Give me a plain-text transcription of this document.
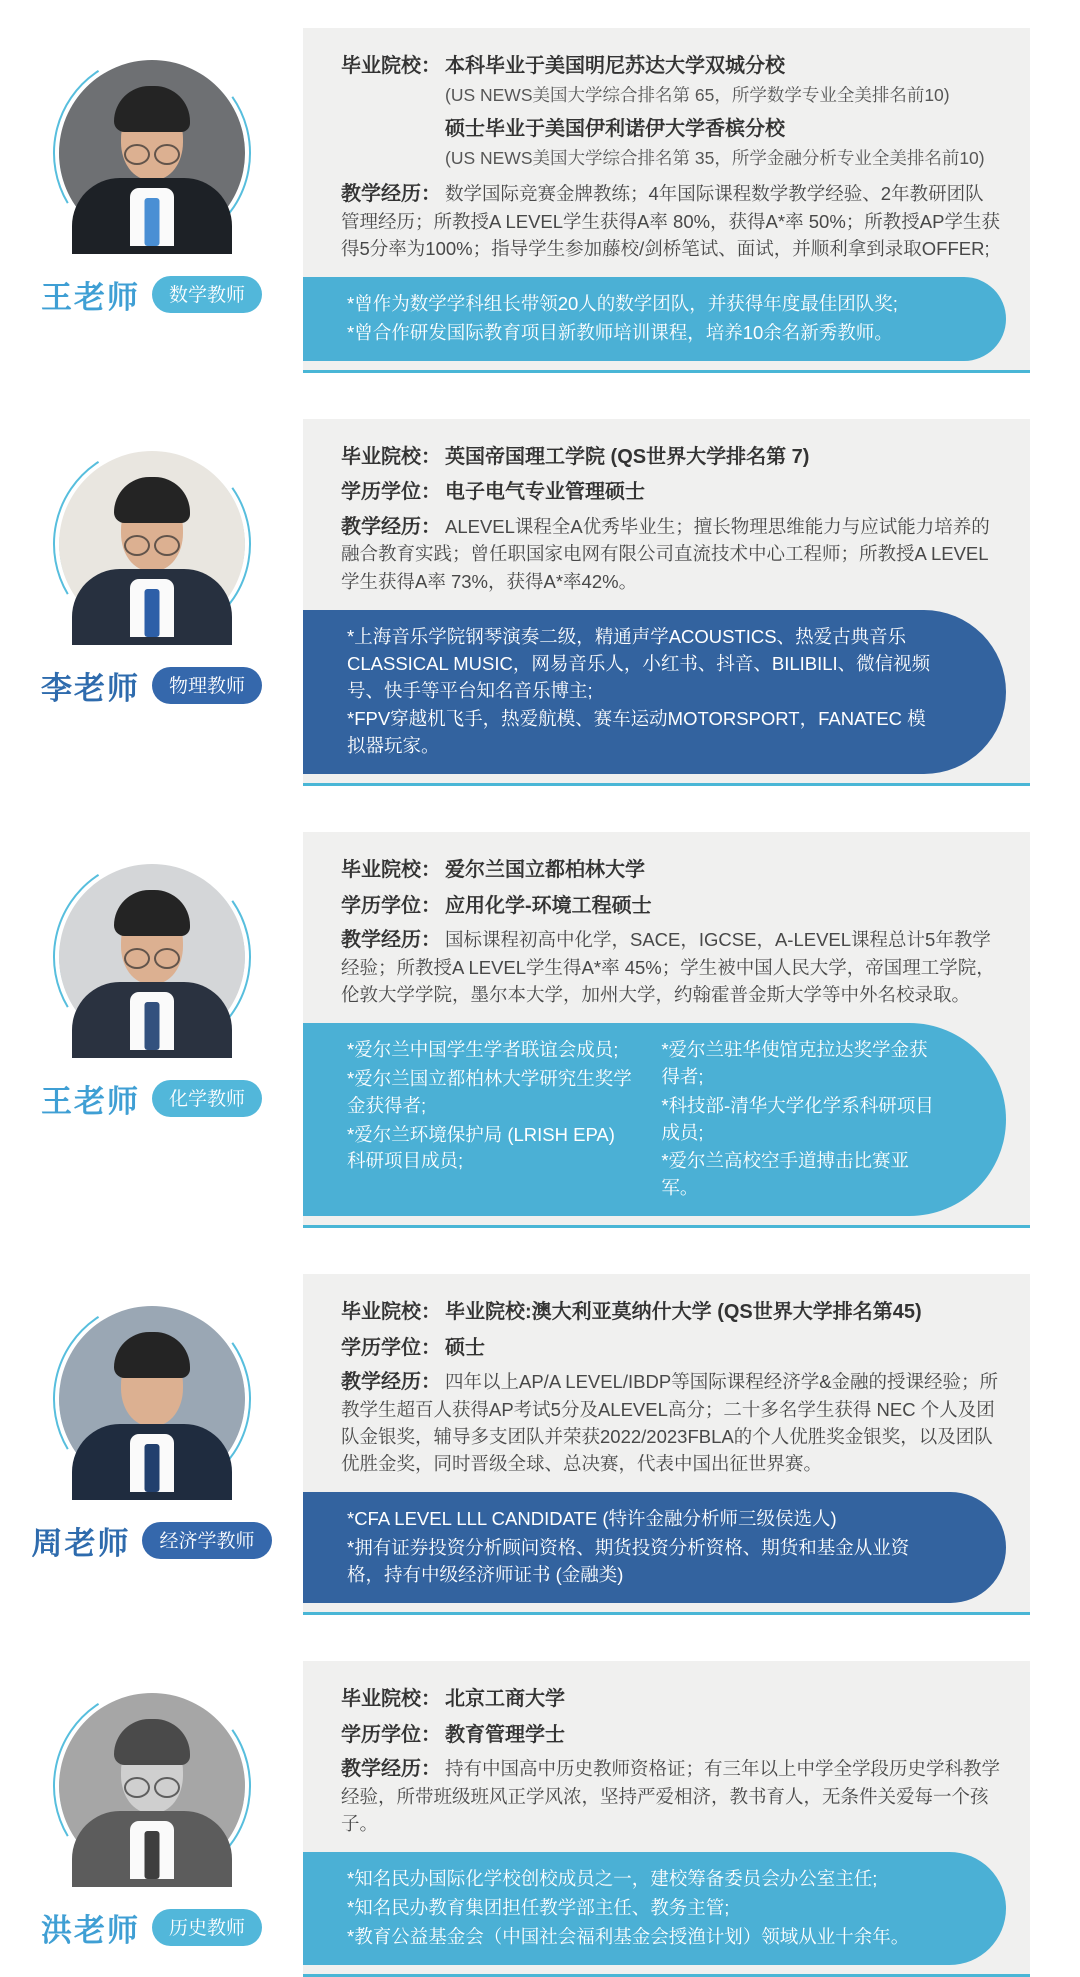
王老师	数学教师
毕业院校： 本科毕业于美国明尼苏达大学双城分校

(US NEWS美国大学综合排名第 65，所学数学专业全美排名前10)

硕士毕业于美国伊利诺伊大学香槟分校

(US NEWS美国大学综合排名第 35，所学金融分析专业全美排名前10)

教学经历： 数学国际竞赛金牌教练；4年国际课程数学教学经验、2年教研团队管理经历；所教授A LEVEL学生获得A率 80%，获得A*率 50%；所教授AP学生获得5分率为100%；指导学生参加藤校/剑桥笔试、面试，并顺利拿到录取OFFER;

*曾作为数学学科组长带领20人的数学团队，并获得年度最佳团队奖;

*曾合作研发国际教育项目新教师培训课程，培养10余名新秀教师。

李老师	物理教师

毕业院校： 英国帝国理工学院 (QS世界大学排名第 7)

学历学位： 电子电气专业管理硕士

教学经历： ALEVEL课程全A优秀毕业生；擅长物理思维能力与应试能力培养的融合教育实践；曾任职国家电网有限公司直流技术中心工程师；所教授A LEVEL学生获得A率 73%，获得A*率42%。

*上海音乐学院钢琴演奏二级，精通声学ACOUSTICS、热爱古典音乐CLASSICAL MUSIC，网易音乐人，小红书、抖音、BILIBILI、微信视频号、快手等平台知名音乐博主;

*FPV穿越机飞手，热爱航模、赛车运动MOTORSPORT，FANATEC 模拟器玩家。

王老师	化学教师

毕业院校： 爱尔兰国立都柏林大学

学历学位： 应用化学-环境工程硕士

教学经历： 国标课程初高中化学，SACE，IGCSE，A-LEVEL课程总计5年教学经验；所教授A LEVEL学生得A*率 45%；学生被中国人民大学，帝国理工学院，伦敦大学学院，墨尔本大学，加州大学，约翰霍普金斯大学等中外名校录取。

*爱尔兰中国学生学者联谊会成员;

*爱尔兰国立都柏林大学研究生奖学金获得者;

*爱尔兰环境保护局 (LRISH EPA) 科研项目成员;

*爱尔兰驻华使馆克拉达奖学金获得者;

*科技部-清华大学化学系科研项目成员;

*爱尔兰高校空手道搏击比赛亚军。

周老师	经济学教师

毕业院校： 毕业院校:澳大利亚莫纳什大学 (QS世界大学排名第45)

学历学位： 硕士

教学经历： 四年以上AP/A LEVEL/IBDP等国际课程经济学&金融的授课经验；所教学生超百人获得AP考试5分及ALEVEL高分；二十多名学生获得 NEC 个人及团队金银奖，辅导多支团队并荣获2022/2023FBLA的个人优胜奖金银奖，以及团队优胜金奖，同时晋级全球、总决赛，代表中国出征世界赛。

*CFA LEVEL LLL CANDIDATE (特许金融分析师三级侯选人)

*拥有证券投资分析顾问资格、期货投资分析资格、期货和基金从业资格，持有中级经济师证书 (金融类)

洪老师	历史教师

毕业院校： 北京工商大学

学历学位： 教育管理学士

教学经历： 持有中国高中历史教师资格证；有三年以上中学全学段历史学科教学经验，所带班级班风正学风浓，坚持严爱相济，教书育人，无条件关爱每一个孩子。

*知名民办国际化学校创校成员之一，建校筹备委员会办公室主任;

*知名民办教育集团担任教学部主任、教务主管;

*教育公益基金会（中国社会福利基金会授渔计划）领域从业十余年。
